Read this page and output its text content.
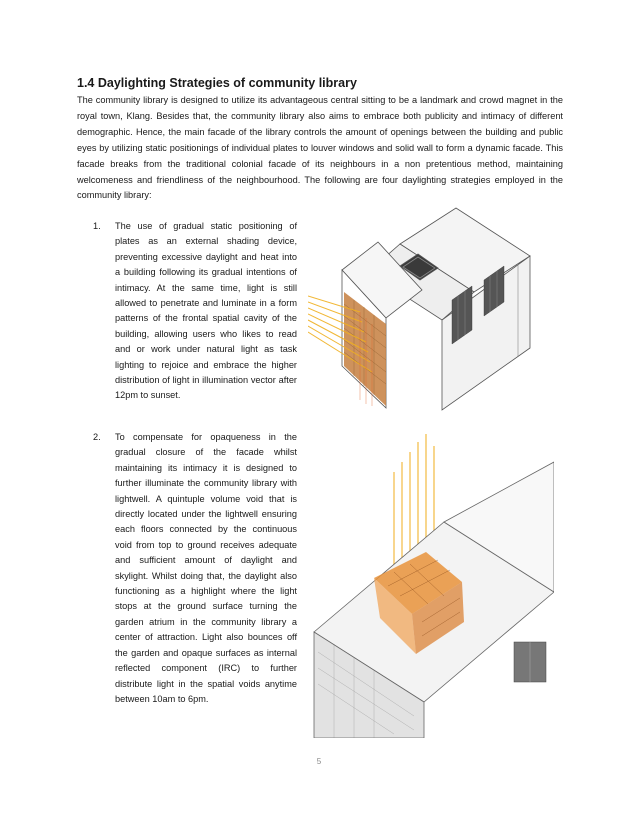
1.4 Daylighting Strategies of community library

The community library is designed to utilize its advantageous central sitting to be a landmark and crowd magnet in the royal town, Klang. Besides that, the community library also aims to embrace both publicity and intimacy of different demographic. Hence, the main facade of the library controls the amount of openings between the building and public eyes by utilizing static positionings of individual plates to louver windows and solid wall to form a dynamic facade. This facade breaks from the traditional colonial facade of its neighbours in a non pretentious method, maintaining welcomeness and friendliness of the neighbourhood. The following are four daylighting strategies employed in the community library:

1. The use of gradual static positioning of plates as an external shading device, preventing excessive daylight and heat into a building following its gradual intentions of intimacy. At the same time, light is still allowed to penetrate and luminate in a form patterns of the frontal spatial cavity of the building, allowing users who likes to read and or work under natural light as task lighting to rejoice and embrace the higher distribution of light in illumination vector after 12pm to sunset.
2. To compensate for opaqueness in the gradual closure of the facade whilst maintaining its intimacy it is designed to further illuminate the community library with lightwell. A quintuple volume void that is directly located under the lightwell ensuring each floors connected by the continuous void from top to ground receives adequate and sufficient amount of daylight and skylight. Whilst doing that, the daylight also functioning as a highlight where the light stops at the ground surface turning the garden atrium in the community library a center of attraction. Light also bounces off the garden and opaque surfaces as internal reflected component (IRC) to further distribute light in the spatial voids anytime between 10am to 6pm.
5
